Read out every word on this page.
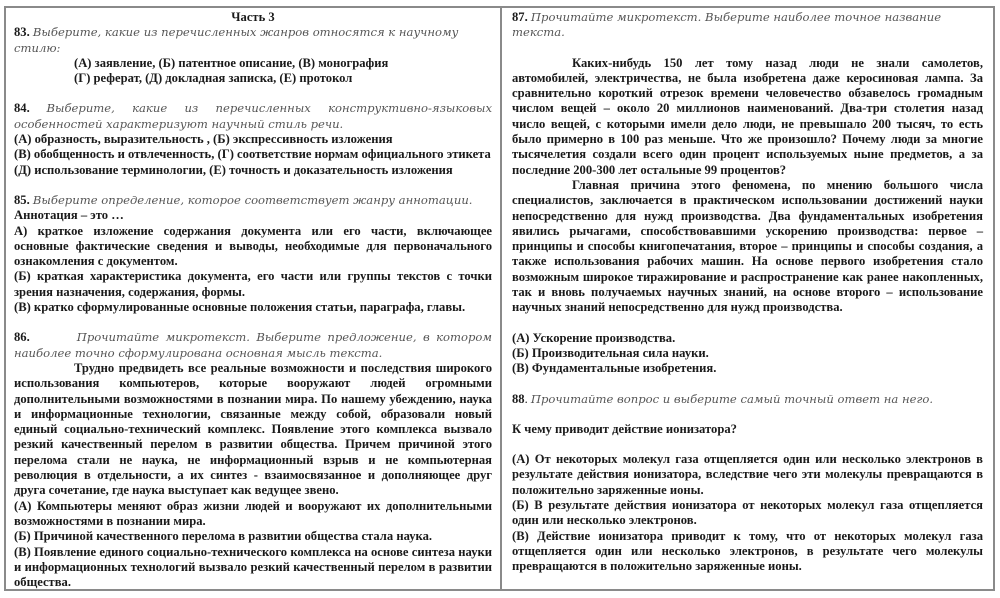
Часть 3

83. Выберите, какие из перечисленных жанров относятся к научному стилю:

(А) заявление, (Б) патентное описание, (В) монография

(Г) реферат, (Д) докладная записка, (Е) протокол

84. Выберите, какие из перечисленных конструктивно-языковых особенностей характеризуют научный стиль речи.

(А) образность, выразительность , (Б) экспрессивность изложения

(В) обобщенность и отвлеченность, (Г) соответствие нормам официального этикета

(Д) использование терминологии, (Е) точность и доказательность изложения

85. Выберите определение, которое соответствует жанру аннотации.

Аннотация – это …

А) краткое изложение содержания документа или его части, включающее основные фактические сведения и выводы, необходимые для первоначального ознакомления с документом.

(Б) краткая характеристика документа, его части или группы текстов с точки зрения назначения, содержания, формы.

(В) кратко сформулированные основные положения статьи, параграфа, главы.

86.	Прочитайте микротекст. Выберите предложение, в котором наиболее точно сформулирована основная мысль текста.

Трудно предвидеть все реальные возможности и последствия широкого использования компьютеров, которые вооружают людей огромными дополнительными возможностями в познании мира. По нашему убеждению, наука и информационные технологии, связанные между собой, образовали новый единый социально-технический комплекс. Появление этого комплекса вызвало резкий качественный перелом в развитии общества. Причем причиной этого перелома стали не наука, не информационный взрыв и не компьютерная революция в отдельности, а их синтез - взаимосвязанное и дополняющее друг друга сочетание, где наука выступает как ведущее звено.

(А) Компьютеры меняют образ жизни людей и вооружают их дополнительными возможностями в познании мира.

(Б) Причиной качественного перелома в развитии общества стала наука.

(В) Появление единого социально-технического комплекса на основе синтеза науки и информационных технологий вызвало резкий качественный перелом в развитии общества.

87. Прочитайте микротекст. Выберите наиболее точное название текста.

Каких-нибудь 150 лет тому назад люди не знали самолетов, автомобилей, электричества, не была изобретена даже керосиновая лампа. За сравнительно короткий отрезок времени человечество обзавелось громадным числом вещей – около 20 миллионов наименований. Два-три столетия назад число вещей, с которыми имели дело люди, не превышало 200 тысяч, то есть было примерно в 100 раз меньше. Что же произошло? Почему люди за многие тысячелетия создали всего один процент используемых ныне предметов, а за последние 200-300 лет остальные 99 процентов?

Главная причина этого феномена, по мнению большого числа специалистов, заключается в практическом использовании достижений науки непосредственно для нужд производства. Два фундаментальных изобретения явились рычагами, способствовавшими ускорению производства: первое – принципы и способы книгопечатания, второе – принципы и способы создания, а также использования рабочих машин. На основе первого изобретения стало возможным широкое тиражирование и распространение как ранее накопленных, так и вновь получаемых научных знаний, на основе второго – использование научных знаний непосредственно для нужд производства.

(А) Ускорение производства.

(Б) Производительная сила науки.

(В) Фундаментальные изобретения.

88. Прочитайте вопрос и выберите самый точный ответ на него.

К чему приводит действие ионизатора?

(А) От некоторых молекул газа отщепляется один или несколько электронов в результате действия ионизатора, вследствие чего эти молекулы превращаются в положительно заряженные ионы.

(Б) В результате действия ионизатора от некоторых молекул газа отщепляется один или несколько электронов.

(В) Действие ионизатора приводит к тому, что от некоторых молекул газа отщепляется один или несколько электронов, в результате чего молекулы превращаются в положительно заряженные ионы.
